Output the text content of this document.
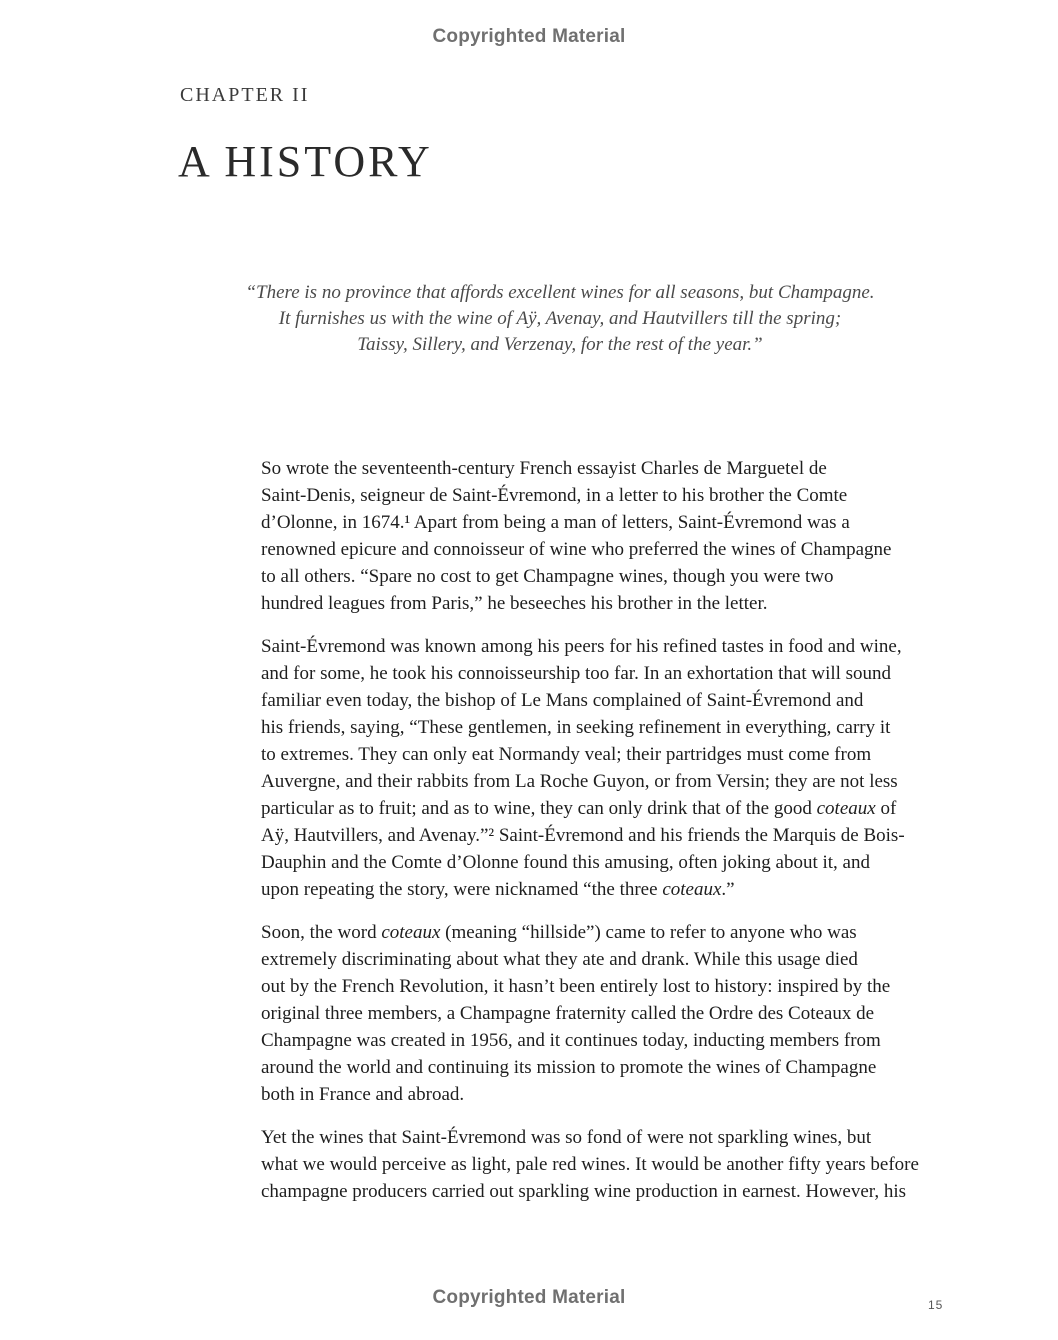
Copyrighted Material
CHAPTER II
A HISTORY

“There is no province that affords excellent wines for all seasons, but Champagne.
It furnishes us with the wine of Aÿ, Avenay, and Hautvillers till the spring;
Taissy, Sillery, and Verzenay, for the rest of the year.”

So wrote the seventeenth-century French essayist Charles de Marguetel de
Saint-Denis, seigneur de Saint-Évremond, in a letter to his brother the Comte
d’Olonne, in 1674.¹ Apart from being a man of letters, Saint-Évremond was a
renowned epicure and connoisseur of wine who preferred the wines of Champagne
to all others. “Spare no cost to get Champagne wines, though you were two
hundred leagues from Paris,” he beseeches his brother in the letter.

Saint-Évremond was known among his peers for his refined tastes in food and wine,
and for some, he took his connoisseurship too far. In an exhortation that will sound
familiar even today, the bishop of Le Mans complained of Saint-Évremond and
his friends, saying, “These gentlemen, in seeking refinement in everything, carry it
to extremes. They can only eat Normandy veal; their partridges must come from
Auvergne, and their rabbits from La Roche Guyon, or from Versin; they are not less
particular as to fruit; and as to wine, they can only drink that of the good coteaux of
Aÿ, Hautvillers, and Avenay.”² Saint-Évremond and his friends the Marquis de Bois-
Dauphin and the Comte d’Olonne found this amusing, often joking about it, and
upon repeating the story, were nicknamed “the three coteaux.”

Soon, the word coteaux (meaning “hillside”) came to refer to anyone who was
extremely discriminating about what they ate and drank. While this usage died
out by the French Revolution, it hasn’t been entirely lost to history: inspired by the
original three members, a Champagne fraternity called the Ordre des Coteaux de
Champagne was created in 1956, and it continues today, inducting members from
around the world and continuing its mission to promote the wines of Champagne
both in France and abroad.

Yet the wines that Saint-Évremond was so fond of were not sparkling wines, but
what we would perceive as light, pale red wines. It would be another fifty years before
champagne producers carried out sparkling wine production in earnest. However, his

Copyrighted Material	15
